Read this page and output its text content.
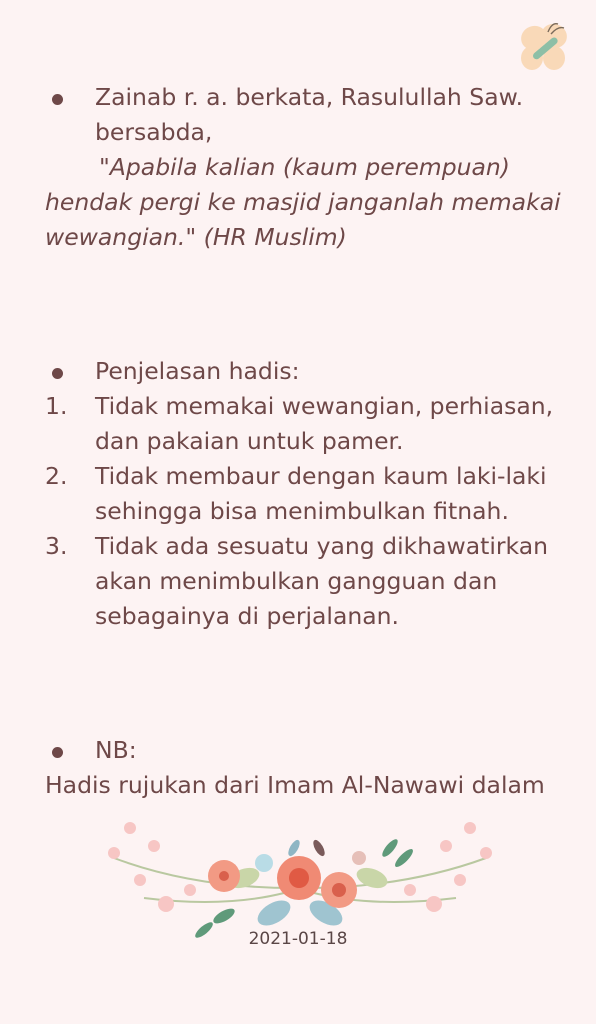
Zainab r. a. berkata, Rasulullah Saw.
bersabda,
"Apabila kalian (kaum perempuan)
hendak pergi ke masjid janganlah memakai
wewangian." (HR Muslim)
Penjelasan hadis:
1.	Tidak memakai wewangian, perhiasan,
dan pakaian untuk pamer.
2.	Tidak membaur dengan kaum laki-laki
sehingga bisa menimbulkan fitnah.
3.	Tidak ada sesuatu yang dikhawatirkan
akan menimbulkan gangguan dan
sebagainya di perjalanan.
NB:
Hadis rujukan dari Imam Al-Nawawi dalam
2021-01-18
